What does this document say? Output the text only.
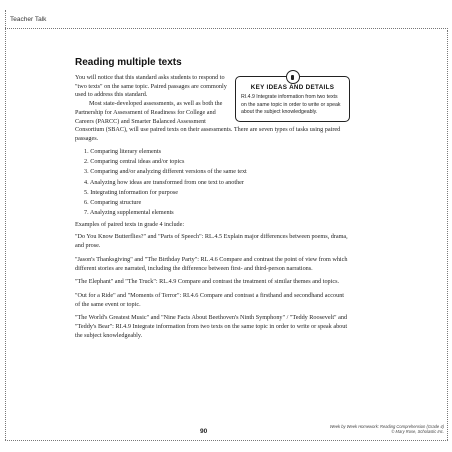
Teacher Talk
Reading multiple texts
KEY IDEAS AND DETAILS
RI.4.9 Integrate information from two texts on the same topic in order to write or speak about the subject knowledgeably.

You will notice that this standard asks students to respond to "two texts" on the same topic. Paired passages are commonly used to address this standard.

Most state-developed assessments, as well as both the Partnership for Assessment of Readiness for College and Careers (PARCC) and Smarter Balanced Assessment Consortium (SBAC), will use paired texts on their assessments. There are seven types of tasks using paired passages.

1. Comparing literary elements
2. Comparing central ideas and/or topics
3. Comparing and/or analyzing different versions of the same text
4. Analyzing how ideas are transformed from one text to another
5. Integrating information for purpose
6. Comparing structure
7. Analyzing supplemental elements

Examples of paired texts in grade 4 include:

"Do You Know Butterflies?" and "Parts of Speech": RL.4.5 Explain major differences between poems, drama, and prose.

"Jason's Thanksgiving" and "The Birthday Party": RL.4.6 Compare and contrast the point of view from which different stories are narrated, including the difference between first- and third-person narrations.

"The Elephant" and "The Truck": RL.4.9 Compare and contrast the treatment of similar themes and topics.

"Out for a Ride" and "Moments of Terror": RI.4.6 Compare and contrast a firsthand and secondhand account of the same event or topic.

"The World's Greatest Music" and "Nine Facts About Beethoven's Ninth Symphony" / "Teddy Roosevelt" and "Teddy's Bear": RI.4.9 Integrate information from two texts on the same topic in order to write or speak about the subject knowledgeably.

90
Week by Week Homework: Reading Comprehension (Grade 4)
© Mary Rose, Scholastic Inc.
